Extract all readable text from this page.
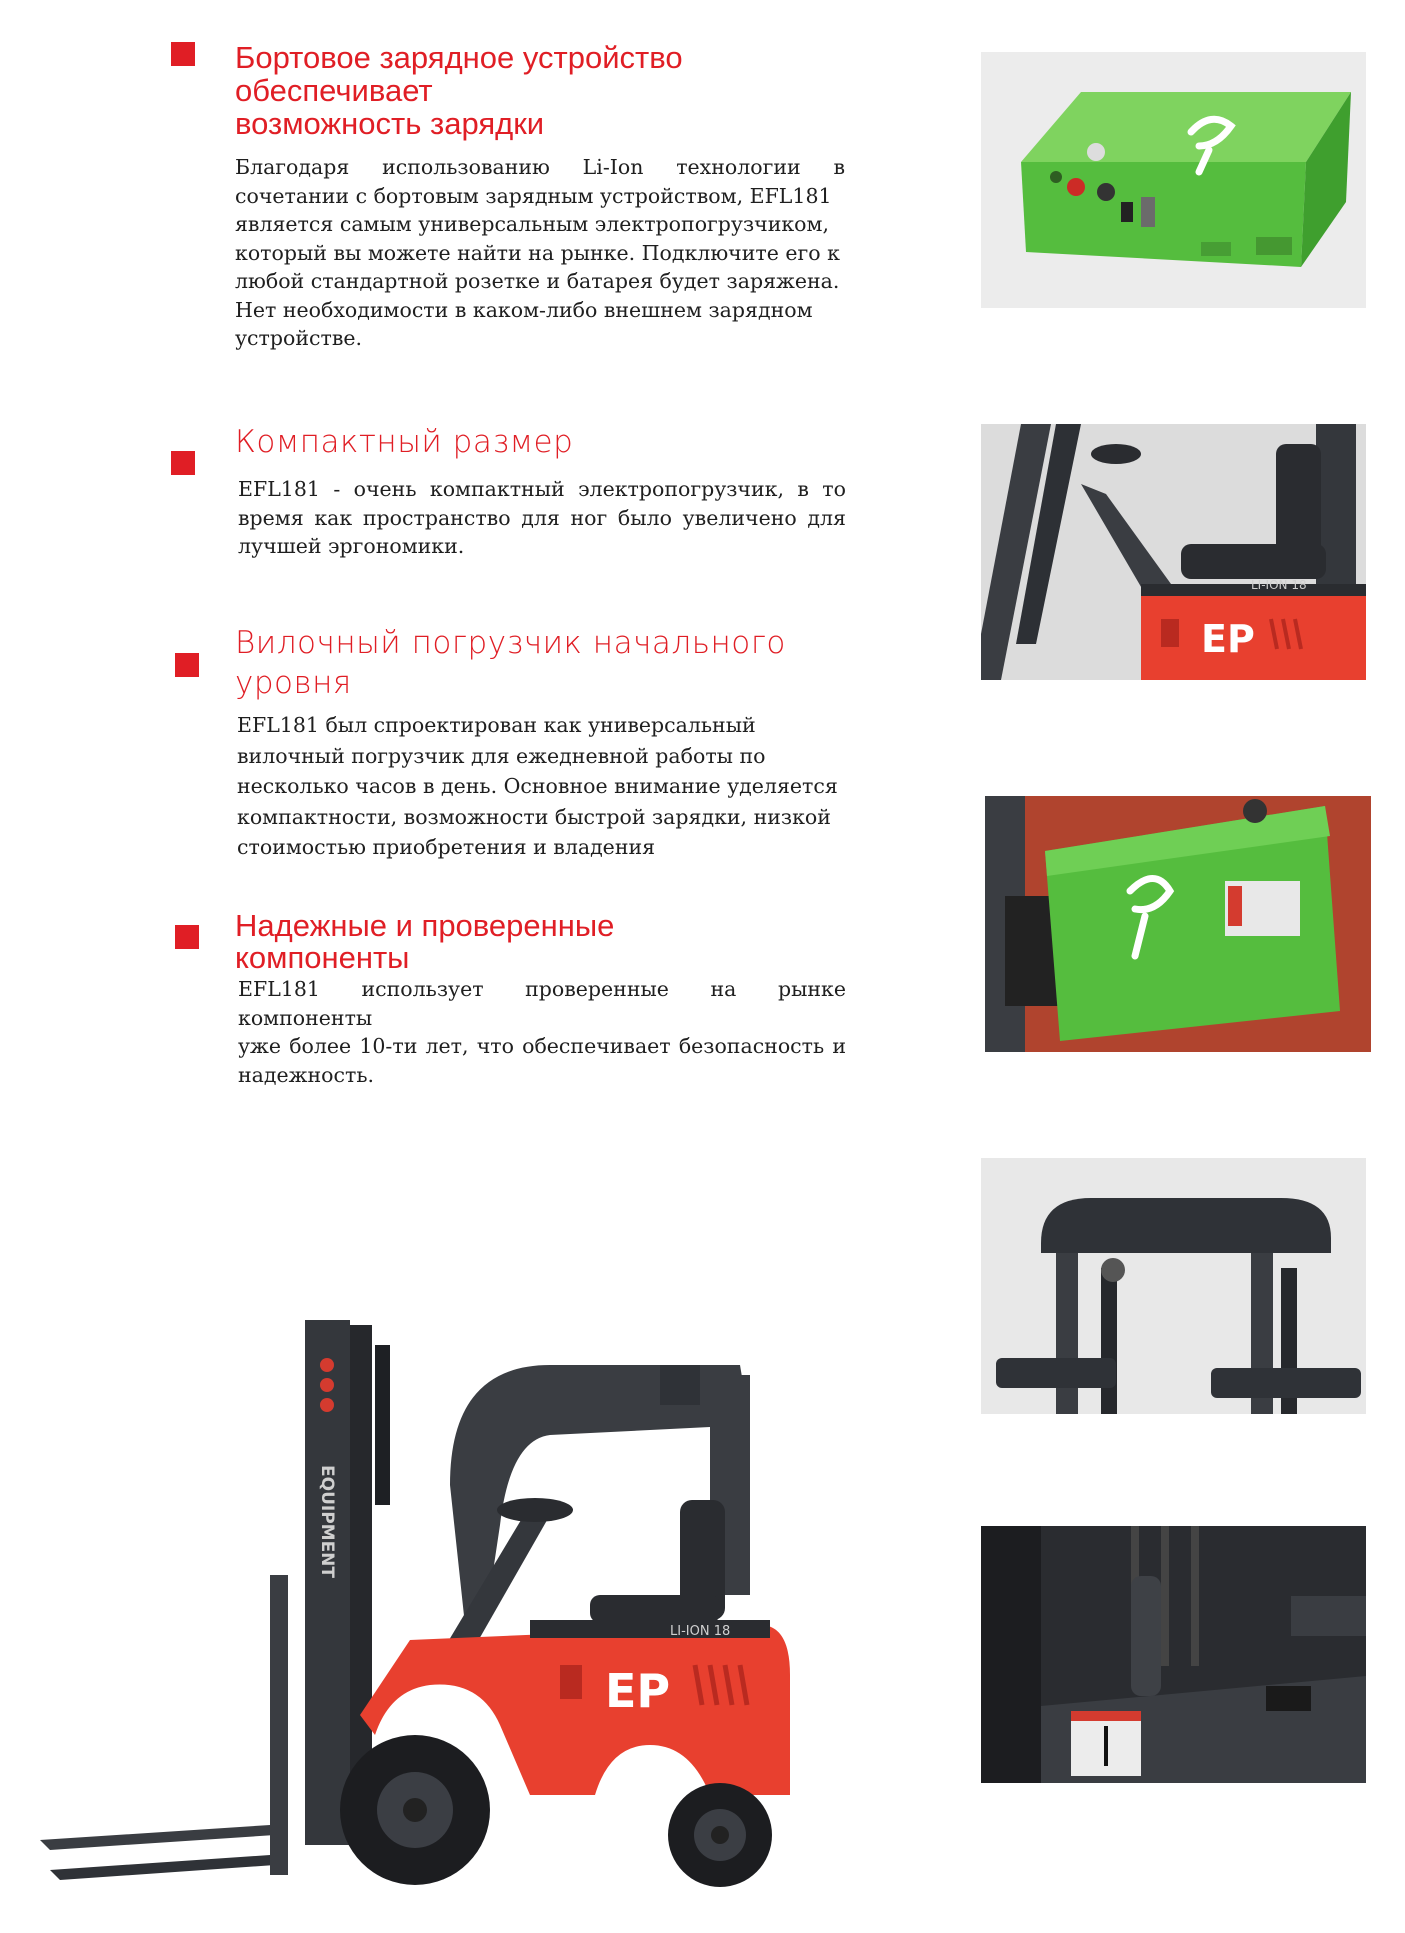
Бортовое зарядное устройство
обеспечивает
возможность зарядки
Благодаря использованию Li-Ion технологии в
сочетании с бортовым зарядным устройством, EFL181
является самым универсальным электропогрузчиком,
который вы можете найти на рынке. Подключите его к
любой стандартной розетке и батарея будет заряжена.
Нет необходимости в каком-либо внешнем зарядном
устройстве.
Компактный размер
EFL181 - очень компактный электропогрузчик, в то
время как пространство для ног было увеличено для
лучшей эргономики.
Вилочный погрузчик начального
уровня
EFL181 был спроектирован как универсальный
вилочный погрузчик для ежедневной работы по
несколько часов в день. Основное внимание уделяется
компактности, возможности быстрой зарядки, низкой
стоимостью приобретения и владения
Надежные и проверенные
компоненты
EFL181 использует проверенные на рынке компоненты
уже более 10-ти лет, что обеспечивает безопасность и
надежность.
LI-ION 18
EP
EQUIPMENT
LI-ION 18
EP
